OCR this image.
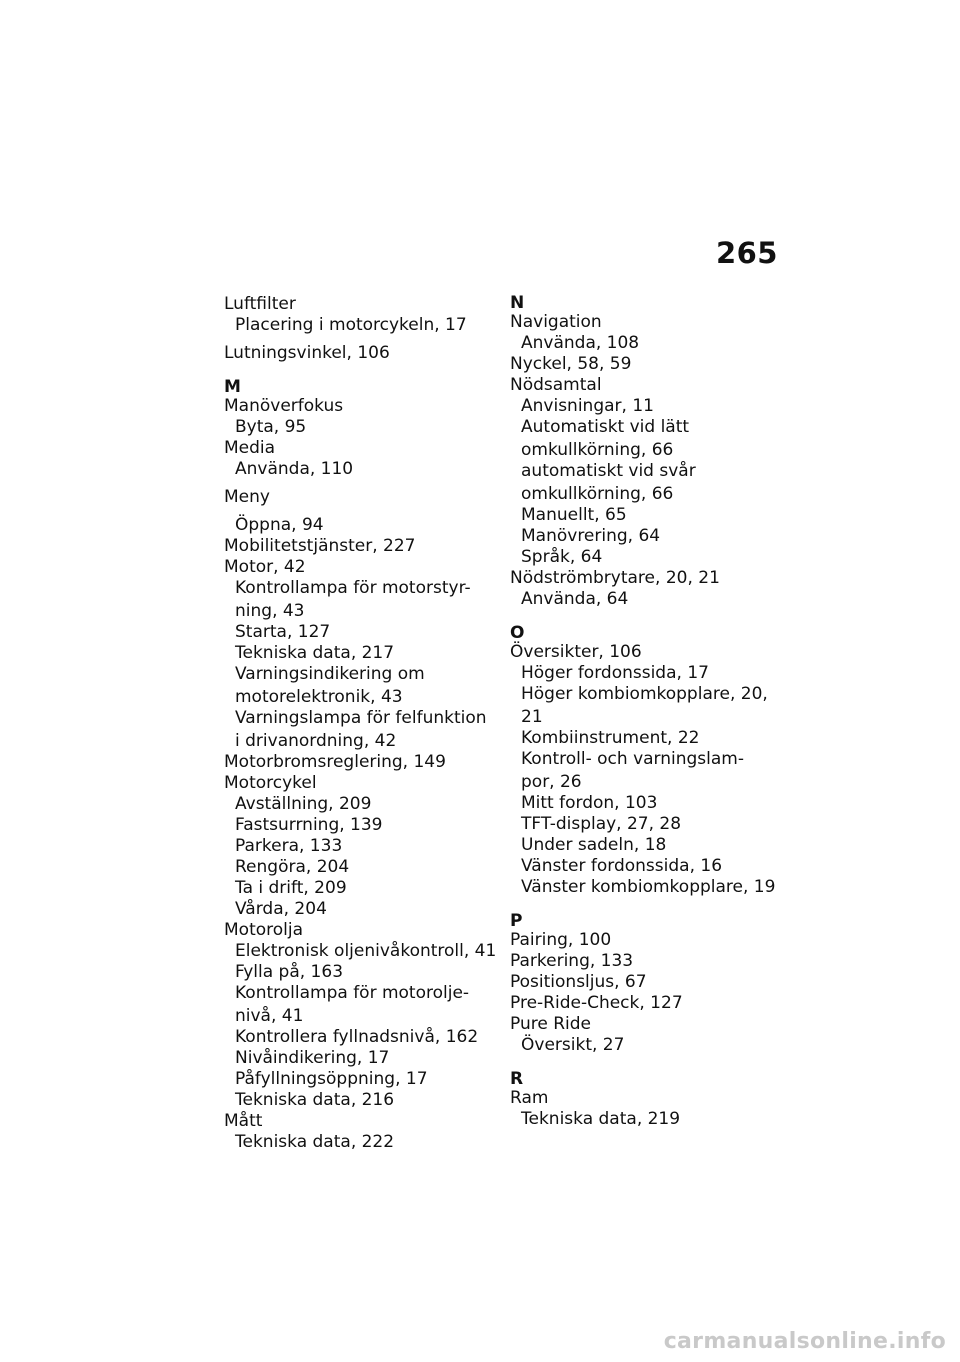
265
Luftfilter
Placering i motorcykeln, 17
Lutningsvinkel, 106
M
Manöverfokus
Byta, 95
Media
Använda, 110
Meny
Öppna, 94
Mobilitetstjänster, 227
Motor, 42
Kontrollampa för motorstyr-
ning, 43
Starta, 127
Tekniska data, 217
Varningsindikering om
motorelektronik, 43
Varningslampa för felfunktion
i drivanordning, 42
Motorbromsreglering, 149
Motorcykel
Avställning, 209
Fastsurrning, 139
Parkera, 133
Rengöra, 204
Ta i drift, 209
Vårda, 204
Motorolja
Elektronisk oljenivåkontroll, 41
Fylla på, 163
Kontrollampa för motorolje-
nivå, 41
Kontrollera fyllnadsnivå, 162
Nivåindikering, 17
Påfyllningsöppning, 17
Tekniska data, 216
Mått
Tekniska data, 222
N
Navigation
Använda, 108
Nyckel, 58, 59
Nödsamtal
Anvisningar, 11
Automatiskt vid lätt
omkullkörning, 66
automatiskt vid svår
omkullkörning, 66
Manuellt, 65
Manövrering, 64
Språk, 64
Nödströmbrytare, 20, 21
Använda, 64
O
Översikter, 106
Höger fordonssida, 17
Höger kombiomkopplare, 20,
21
Kombiinstrument, 22
Kontroll- och varningslam-
por, 26
Mitt fordon, 103
TFT-display, 27, 28
Under sadeln, 18
Vänster fordonssida, 16
Vänster kombiomkopplare, 19
P
Pairing, 100
Parkering, 133
Positionsljus, 67
Pre-Ride-Check, 127
Pure Ride
Översikt, 27
R
Ram
Tekniska data, 219
carmanualsonline.info
